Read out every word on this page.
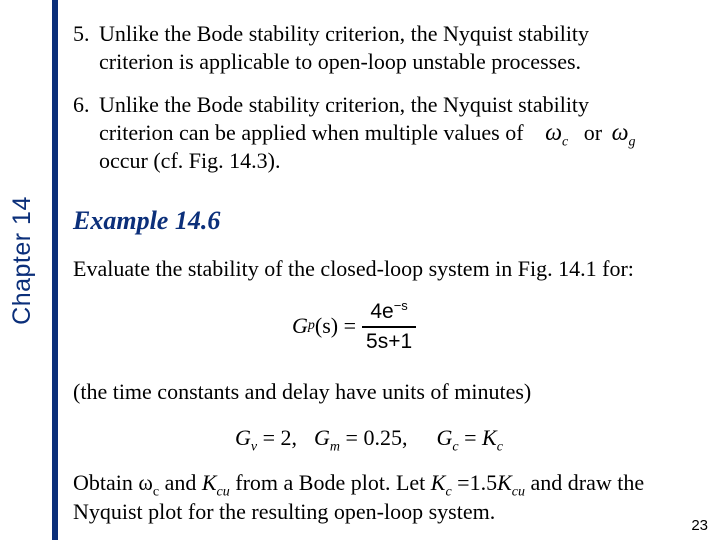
Chapter 14
5. Unlike the Bode stability criterion, the Nyquist stability
criterion is applicable to open-loop unstable processes.
6. Unlike the Bode stability criterion, the Nyquist stability
criterion can be applied when multiple values of $\omega_c$ or $\omega_g$
occur (cf. Fig. 14.3).
Example 14.6
Evaluate the stability of the closed-loop system in Fig. 14.1 for:
G p $(s) = \frac{4e^{-s}}{5s+1}$
(the time constants and delay have units of minutes)
$G_v = 2$, $G_m = 0.25$, $G_c = K_c$
Obtain $\omega_c$ and $K_{cu}$ from a Bode plot. Let $K_c =1.5K_{cu}$ and draw the
Nyquist plot for the resulting open-loop system.
23
